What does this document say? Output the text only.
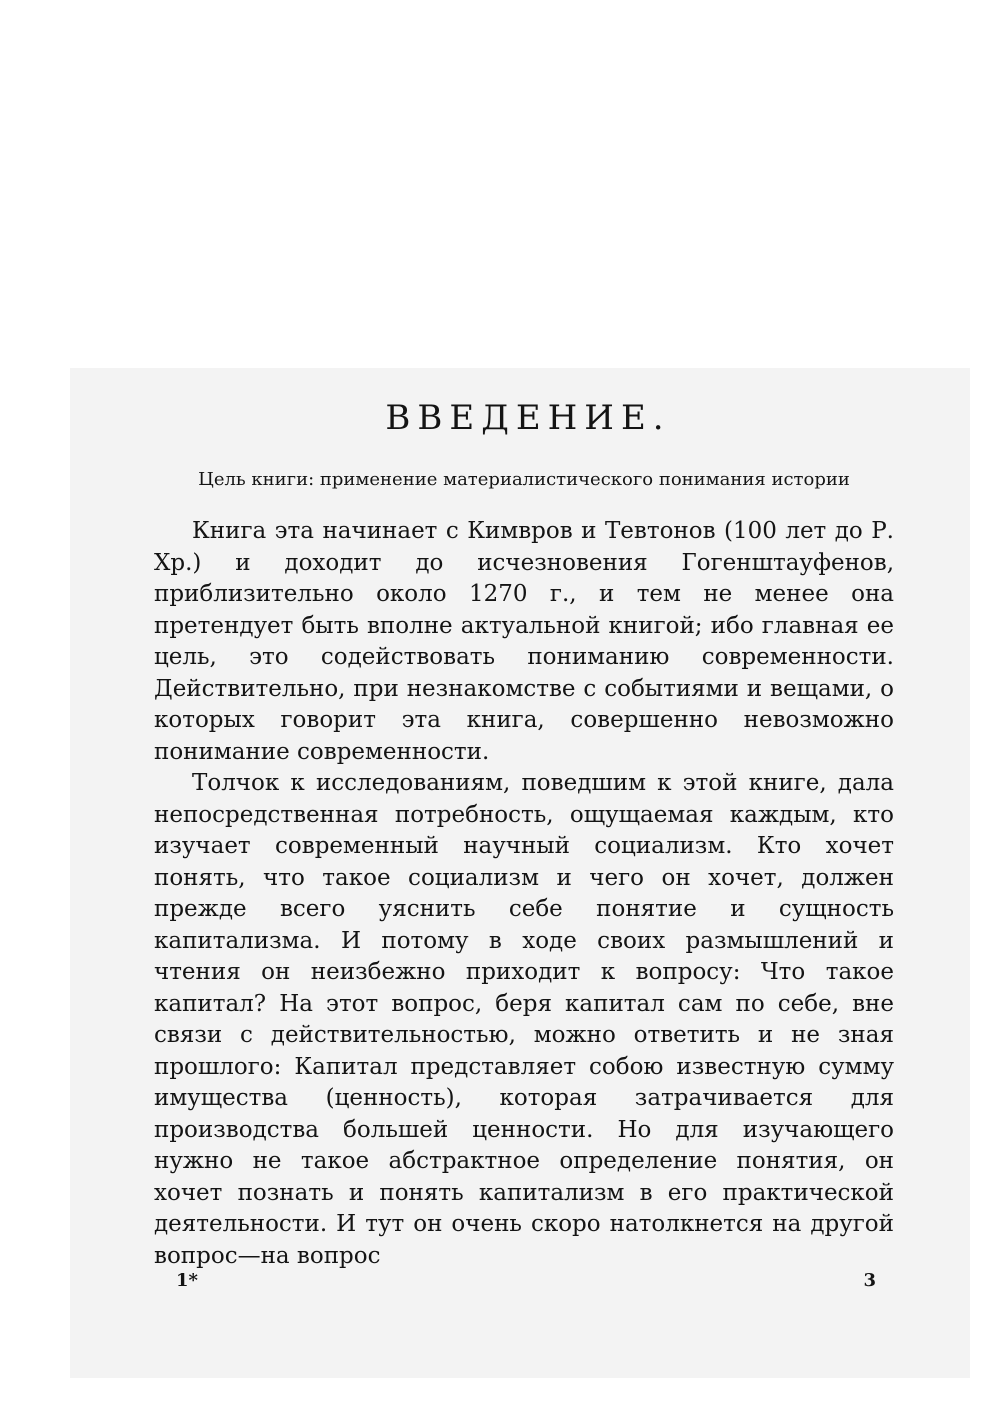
ВВЕДЕНИЕ.
Цель книги: применение материалистического понимания истории
Книга эта начинает с Кимвров и Тевтонов (100 лет до Р. Хр.) и доходит до исчезновения Гогенштауфенов, приблизительно около 1270 г., и тем не менее она претендует быть вполне актуальной книгой; ибо главная ее цель, это содействовать пониманию современности. Действительно, при незнакомстве с событиями и вещами, о которых говорит эта книга, совершенно невозможно понимание современности.
Толчок к исследованиям, поведшим к этой книге, дала непосредственная потребность, ощущаемая каждым, кто изучает современный научный социализм. Кто хочет понять, что такое социализм и чего он хочет, должен прежде всего уяснить себе понятие и сущность капитализма. И потому в ходе своих размышлений и чтения он неизбежно приходит к вопросу: Что такое капитал? На этот вопрос, беря капитал сам по себе, вне связи с действительностью, можно ответить и не зная прошлого: Капитал представляет собою известную сумму имущества (ценность), которая затрачивается для производства большей ценности. Но для изучающего нужно не такое абстрактное определение понятия, он хочет познать и понять капитализм в его практической деятельности. И тут он очень скоро натолкнется на другой вопрос—на вопрос
1*	3
